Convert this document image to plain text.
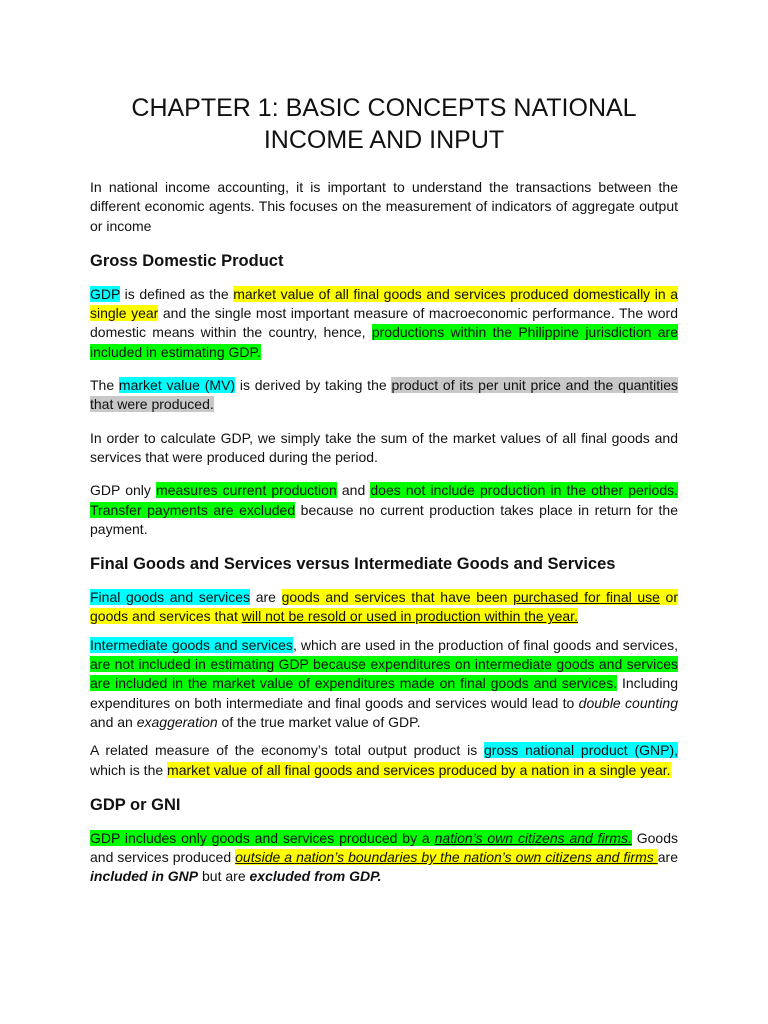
CHAPTER 1: BASIC CONCEPTS NATIONAL INCOME AND INPUT

In national income accounting, it is important to understand the transactions between the different economic agents. This focuses on the measurement of indicators of aggregate output or income

Gross Domestic Product

GDP is defined as the market value of all final goods and services produced domestically in a single year and the single most important measure of macroeconomic performance. The word domestic means within the country, hence, productions within the Philippine jurisdiction are included in estimating GDP.

The market value (MV) is derived by taking the product of its per unit price and the quantities that were produced.

In order to calculate GDP, we simply take the sum of the market values of all final goods and services that were produced during the period.

GDP only measures current production and does not include production in the other periods. Transfer payments are excluded because no current production takes place in return for the payment.

Final Goods and Services versus Intermediate Goods and Services

Final goods and services are goods and services that have been purchased for final use or goods and services that will not be resold or used in production within the year.

Intermediate goods and services, which are used in the production of final goods and services, are not included in estimating GDP because expenditures on intermediate goods and services are included in the market value of expenditures made on final goods and services. Including expenditures on both intermediate and final goods and services would lead to double counting and an exaggeration of the true market value of GDP.

A related measure of the economy’s total output product is gross national product (GNP), which is the market value of all final goods and services produced by a nation in a single year.

GDP or GNI

GDP includes only goods and services produced by a nation’s own citizens and firms. Goods and services produced outside a nation’s boundaries by the nation’s own citizens and firms are included in GNP but are excluded from GDP.
